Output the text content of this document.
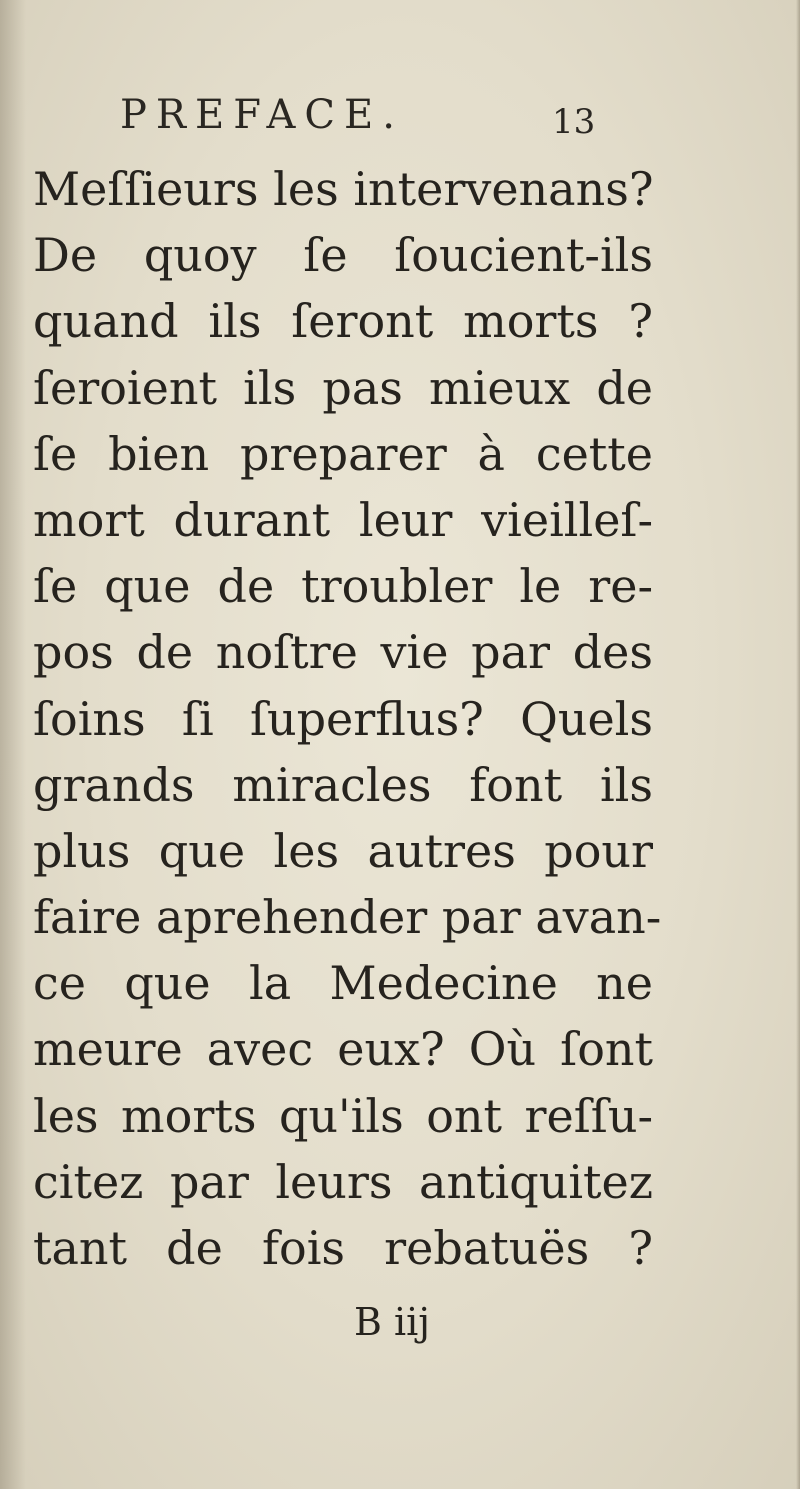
PREFACE.	13
Meſſieurs les intervenans?
De quoy ſe ſoucient-ils
quand ils ſeront morts ?
ſeroient ils pas mieux de
ſe bien preparer à cette
mort durant leur vieilleſ-
ſe que de troubler le re-
pos de noſtre vie par des
ſoins ſi ſuperflus? Quels
grands miracles font ils
plus que les autres pour
faire aprehender par avan-
ce que la Medecine ne
meure avec eux? Où ſont
les morts qu'ils ont reſſu-
citez par leurs antiquitez
tant de fois rebatuës ?
B iij
